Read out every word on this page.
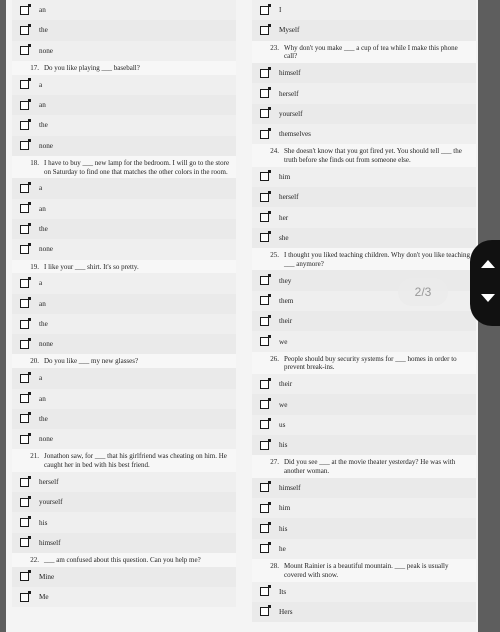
an
the
none
17. Do you like playing ___ baseball?
a
an
the
none
18. I have to buy ___ new lamp for the bedroom. I will go to the store on Saturday to find one that matches the other colors in the room.
a
an
the
none
19. I like your ___ shirt. It's so pretty.
a
an
the
none
20. Do you like ___ my new glasses?
a
an
the
none
21. Jonathon saw, for ___ that his girlfriend was cheating on him. He caught her in bed with his best friend.
herself
yourself
his
himself
22. ___ am confused about this question. Can you help me?
Mine
Me
I
Myself
23. Why don't you make ___ a cup of tea while I make this phone call?
himself
herself
yourself
themselves
24. She doesn't know that you got fired yet. You should tell ___ the truth before she finds out from someone else.
him
herself
her
she
25. I thought you liked teaching children. Why don't you like teaching ___ anymore?
they
them
their
we
26. People should buy security systems for ___ homes in order to prevent break-ins.
their
we
us
his
27. Did you see ___ at the movie theater yesterday? He was with another woman.
himself
him
his
he
28. Mount Rainier is a beautiful mountain. ___ peak is usually covered with snow.
Its
Hers
2/3
